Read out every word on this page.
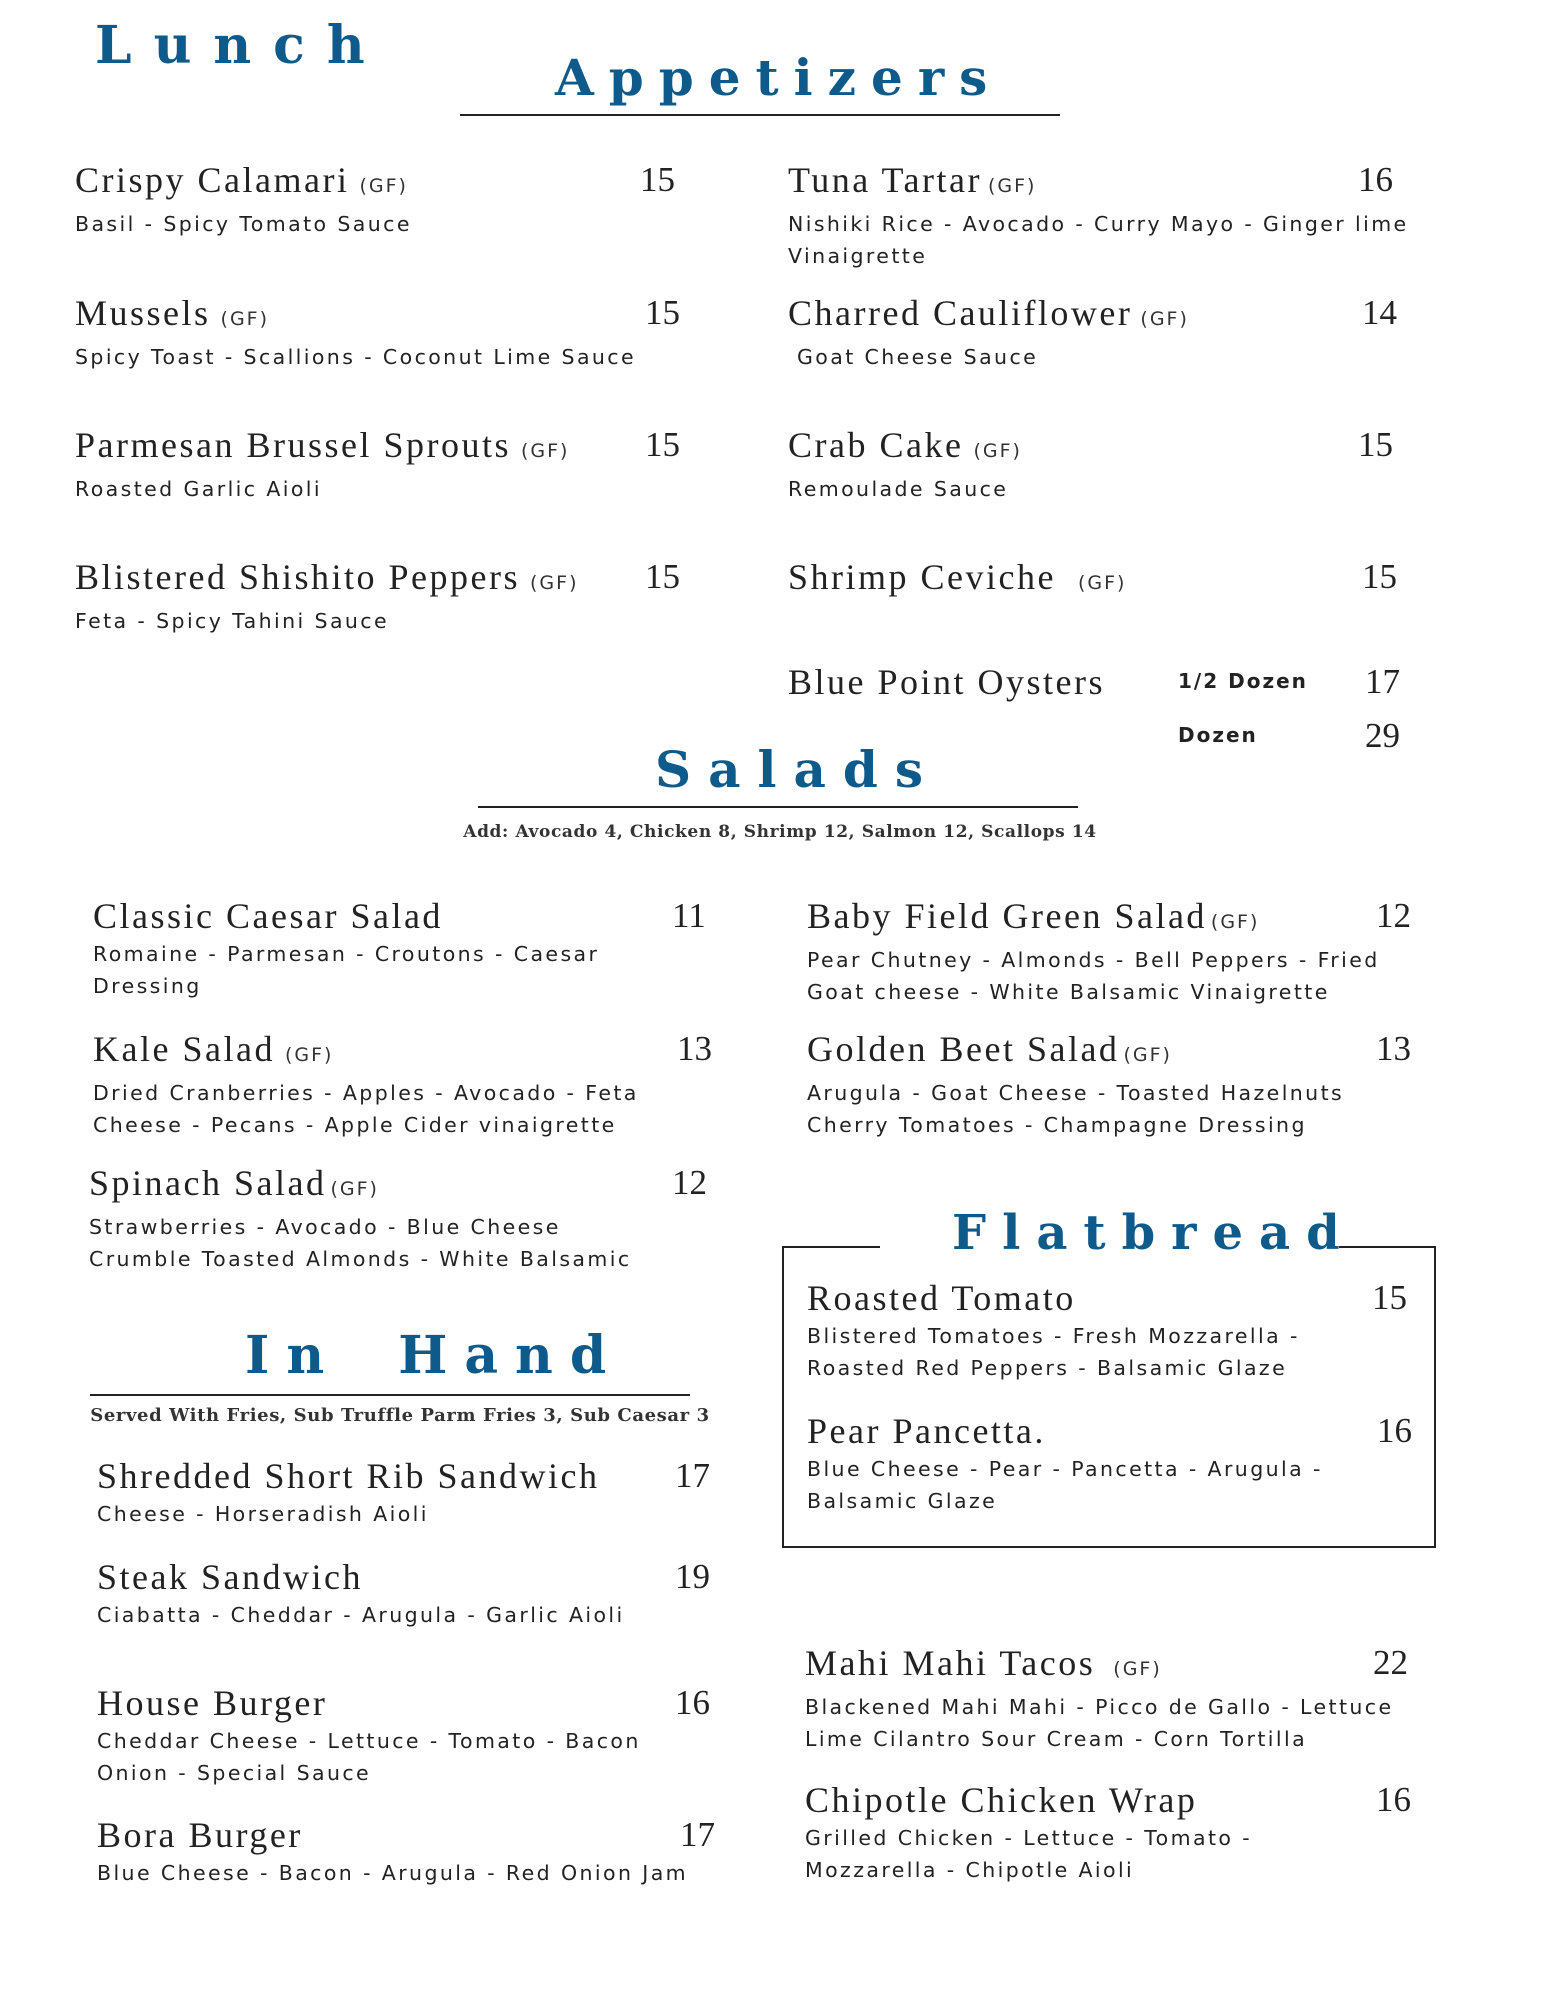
Lunch
Appetizers
Crispy Calamari (GF)
Basil - Spicy Tomato Sauce
15
Mussels (GF)
Spicy Toast - Scallions - Coconut Lime Sauce
15
Parmesan Brussel Sprouts (GF)
Roasted Garlic Aioli
15
Blistered Shishito Peppers (GF)
Feta - Spicy Tahini Sauce
15
Tuna Tartar (GF)
Nishiki Rice - Avocado - Curry Mayo - Ginger lime Vinaigrette
16
Charred Cauliflower (GF)
Goat Cheese Sauce
14
Crab Cake (GF)
Remoulade Sauce
15
Shrimp Ceviche (GF)	15
Blue Point Oysters	1/2 Dozen 17
Dozen	29
Salads
Add: Avocado 4, Chicken 8, Shrimp 12, Salmon 12, Scallops 14
Classic Caesar Salad
Romaine - Parmesan - Croutons - Caesar Dressing
11
Kale Salad (GF)
Dried Cranberries - Apples - Avocado - Feta Cheese - Pecans - Apple Cider vinaigrette
13
Spinach Salad (GF)
Strawberries - Avocado - Blue Cheese Crumble Toasted Almonds - White Balsamic
12
Baby Field Green Salad (GF)
Pear Chutney - Almonds - Bell Peppers - Fried Goat cheese - White Balsamic Vinaigrette
12
Golden Beet Salad (GF)
Arugula - Goat Cheese - Toasted Hazelnuts Cherry Tomatoes - Champagne Dressing
13
Flatbread
Roasted Tomato
Blistered Tomatoes - Fresh Mozzarella - Roasted Red Peppers - Balsamic Glaze
15
Pear Pancetta.
Blue Cheese - Pear - Pancetta - Arugula - Balsamic Glaze
16
In Hand
Served With Fries, Sub Truffle Parm Fries 3, Sub Caesar 3
Shredded Short Rib Sandwich
Cheese - Horseradish Aioli
17
Steak Sandwich
Ciabatta - Cheddar - Arugula - Garlic Aioli
19
House Burger
Cheddar Cheese - Lettuce - Tomato - Bacon Onion - Special Sauce
16
Bora Burger
Blue Cheese - Bacon - Arugula - Red Onion Jam
17
Mahi Mahi Tacos (GF)
Blackened Mahi Mahi - Picco de Gallo - Lettuce Lime Cilantro Sour Cream - Corn Tortilla
22
Chipotle Chicken Wrap
Grilled Chicken - Lettuce - Tomato - Mozzarella - Chipotle Aioli
16
